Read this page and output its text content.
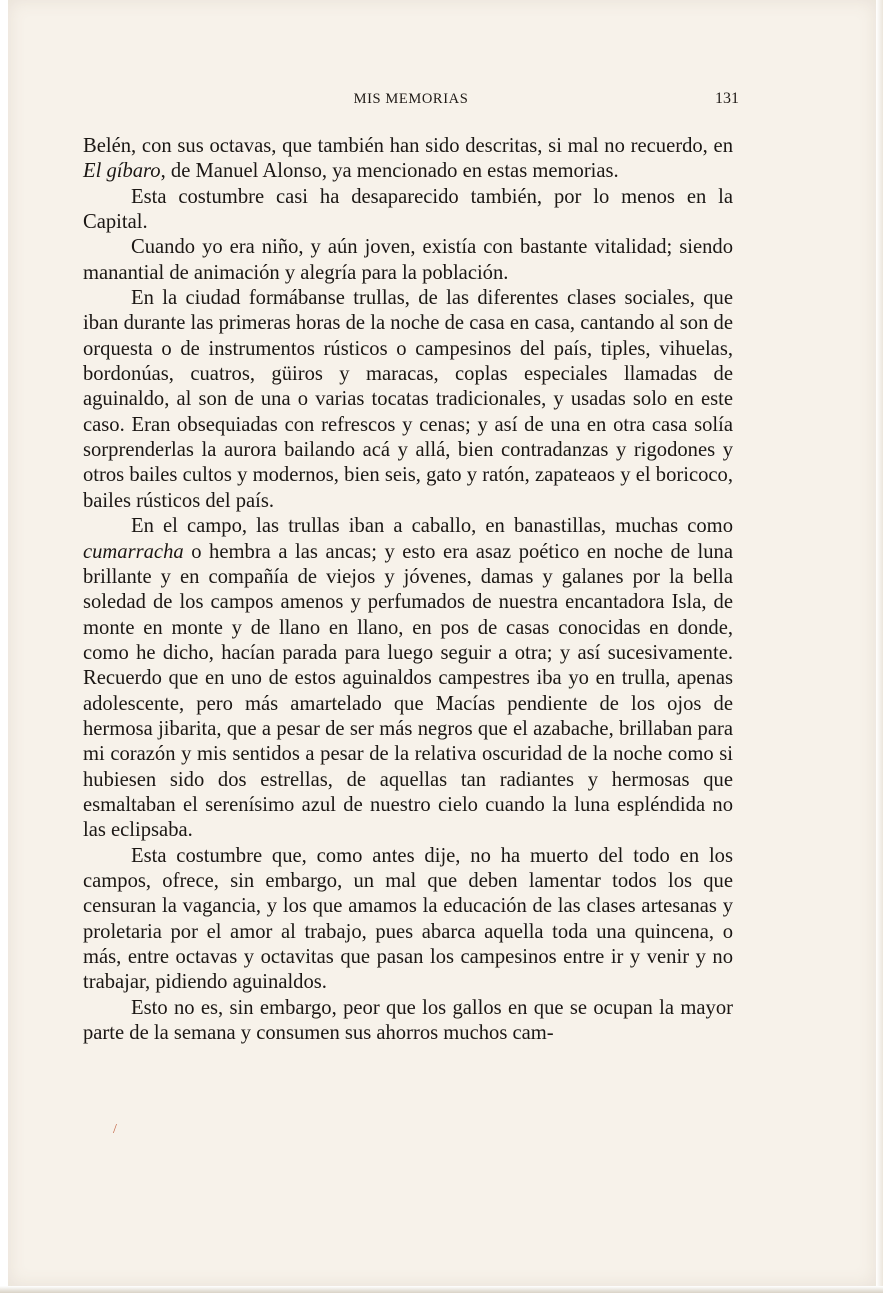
MIS MEMORIAS	131

Belén, con sus octavas, que también han sido descritas, si mal no recuerdo, en El gíbaro, de Manuel Alonso, ya mencionado en estas memorias.

Esta costumbre casi ha desaparecido también, por lo menos en la Capital.

Cuando yo era niño, y aún joven, existía con bastante vitalidad; siendo manantial de animación y alegría para la población.

En la ciudad formábanse trullas, de las diferentes clases sociales, que iban durante las primeras horas de la noche de casa en casa, cantando al son de orquesta o de instrumentos rústicos o campesinos del país, tiples, vihuelas, bordonúas, cuatros, güiros y maracas, coplas especiales llamadas de aguinaldo, al son de una o varias tocatas tradicionales, y usadas solo en este caso. Eran obsequiadas con refrescos y cenas; y así de una en otra casa solía sorprenderlas la aurora bailando acá y allá, bien contradanzas y rigodones y otros bailes cultos y modernos, bien seis, gato y ratón, zapateaos y el boricoco, bailes rústicos del país.

En el campo, las trullas iban a caballo, en banastillas, muchas como cumarracha o hembra a las ancas; y esto era asaz poético en noche de luna brillante y en compañía de viejos y jóvenes, damas y galanes por la bella soledad de los campos amenos y perfumados de nuestra encantadora Isla, de monte en monte y de llano en llano, en pos de casas conocidas en donde, como he dicho, hacían parada para luego seguir a otra; y así sucesivamente. Recuerdo que en uno de estos aguinaldos campestres iba yo en trulla, apenas adolescente, pero más amartelado que Macías pendiente de los ojos de hermosa jibarita, que a pesar de ser más negros que el azabache, brillaban para mi corazón y mis sentidos a pesar de la relativa oscuridad de la noche como si hubiesen sido dos estrellas, de aquellas tan radiantes y hermosas que esmaltaban el serenísimo azul de nuestro cielo cuando la luna espléndida no las eclipsaba.

Esta costumbre que, como antes dije, no ha muerto del todo en los campos, ofrece, sin embargo, un mal que deben lamentar todos los que censuran la vagancia, y los que amamos la educación de las clases artesanas y proletaria por el amor al trabajo, pues abarca aquella toda una quincena, o más, entre octavas y octavitas que pasan los campesinos entre ir y venir y no trabajar, pidiendo aguinaldos.

Esto no es, sin embargo, peor que los gallos en que se ocupan la mayor parte de la semana y consumen sus ahorros muchos cam-

/
